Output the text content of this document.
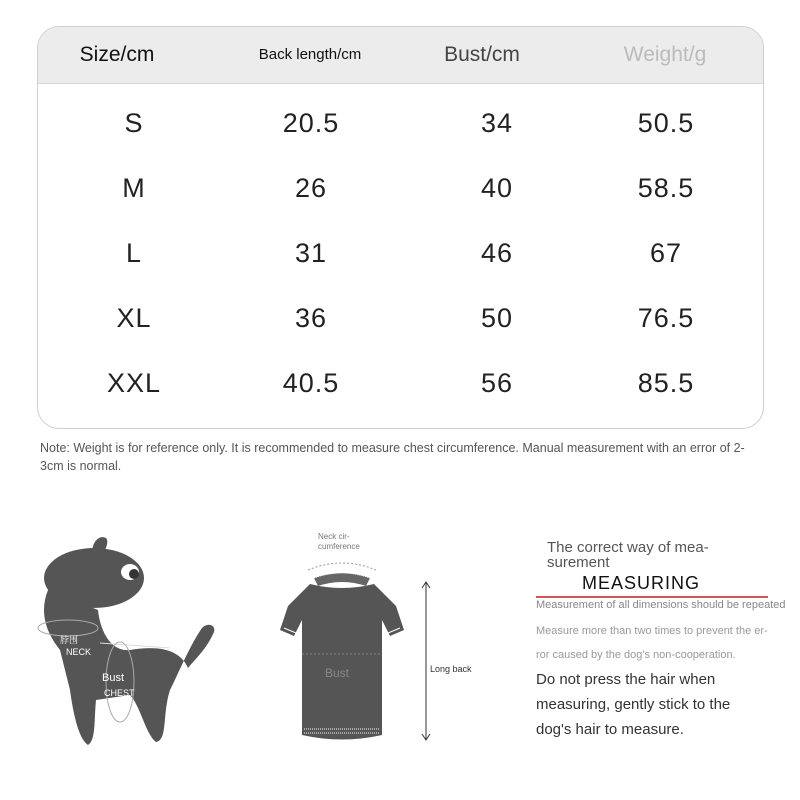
Size/cm	Back length/cm	Bust/cm	Weight/g
S	20.5	34	50.5
M	26	40	58.5
L	31	46	67
XL	36	50	76.5
XXL	40.5	56	85.5
Note: Weight is for reference only. It is recommended to measure chest circumference. Manual measurement with an error of 2-3cm is normal.
脖围
NECK
Bust
CHEST
Neck cir-
cumference
Bust	Long back
The correct way of mea-
surement
MEASURING
Measurement of all dimensions should be repeated
Measure more than two times to prevent the er-
ror caused by the dog's non-cooperation.
Do not press the hair when measuring, gently stick to the dog's hair to measure.
